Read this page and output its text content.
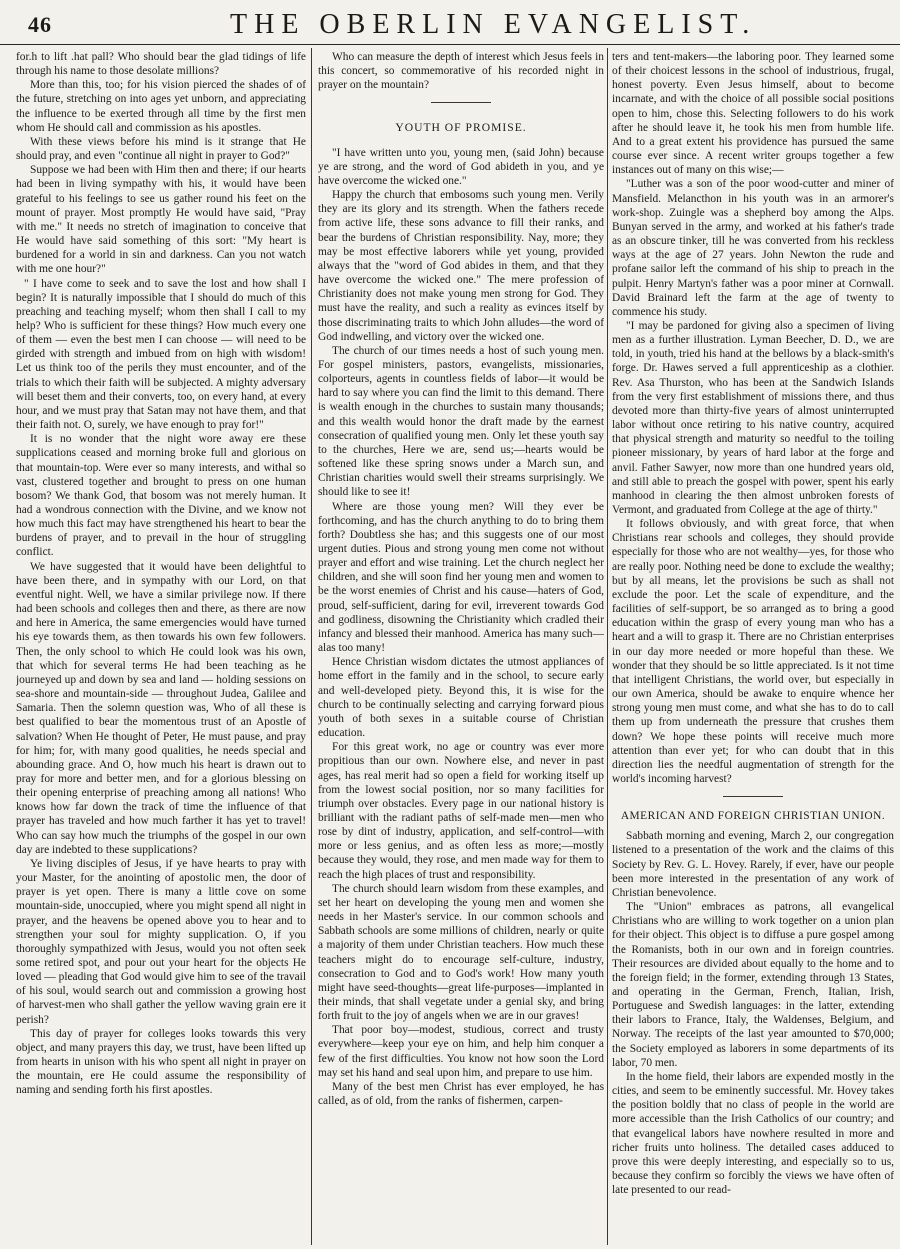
46	THE OBERLIN EVANGELIST.

for.h to lift .hat pall? Who should bear the glad tidings of life through his name to those desolate millions?

More than this, too; for his vision pierced the shades of of the future, stretching on into ages yet unborn, and appreciating the influence to be exerted through all time by the first men whom He should call and commission as his apostles.

With these views before his mind is it strange that He should pray, and even "continue all night in prayer to God?"

Suppose we had been with Him then and there; if our hearts had been in living sympathy with his, it would have been grateful to his feelings to see us gather round his feet on the mount of prayer. Most promptly He would have said, "Pray with me." It needs no stretch of imagination to conceive that He would have said something of this sort: "My heart is burdened for a world in sin and darkness. Can you not watch with me one hour?"

" I have come to seek and to save the lost and how shall I begin? It is naturally impossible that I should do much of this preaching and teaching myself; whom then shall I call to my help? Who is sufficient for these things? How much every one of them — even the best men I can choose — will need to be girded with strength and imbued from on high with wisdom! Let us think too of the perils they must encounter, and of the trials to which their faith will be subjected. A mighty adversary will beset them and their converts, too, on every hand, at every hour, and we must pray that Satan may not have them, and that their faith not. O, surely, we have enough to pray for!"

It is no wonder that the night wore away ere these supplications ceased and morning broke full and glorious on that mountain-top. Were ever so many interests, and withal so vast, clustered together and brought to press on one human bosom? We thank God, that bosom was not merely human. It had a wondrous connection with the Divine, and we know not how much this fact may have strengthened his heart to bear the burdens of prayer, and to prevail in the hour of struggling conflict.

We have suggested that it would have been delightful to have been there, and in sympathy with our Lord, on that eventful night. Well, we have a similar privilege now. If there had been schools and colleges then and there, as there are now and here in America, the same emergencies would have turned his eye towards them, as then towards his own few followers. Then, the only school to which He could look was his own, that which for several terms He had been teaching as he journeyed up and down by sea and land — holding sessions on sea-shore and mountain-side — throughout Judea, Galilee and Samaria. Then the solemn question was, Who of all these is best qualified to bear the momentous trust of an Apostle of salvation? When He thought of Peter, He must pause, and pray for him; for, with many good qualities, he needs special and abounding grace. And O, how much his heart is drawn out to pray for more and better men, and for a glorious blessing on their opening enterprise of preaching among all nations! Who knows how far down the track of time the influence of that prayer has traveled and how much farther it has yet to travel! Who can say how much the triumphs of the gospel in our own day are indebted to these supplications?

Ye living disciples of Jesus, if ye have hearts to pray with your Master, for the anointing of apostolic men, the door of prayer is yet open. There is many a little cove on some mountain-side, unoccupied, where you might spend all night in prayer, and the heavens be opened above you to hear and to strengthen your soul for mighty supplication. O, if you thoroughly sympathized with Jesus, would you not often seek some retired spot, and pour out your heart for the objects He loved — pleading that God would give him to see of the travail of his soul, would search out and commission a growing host of harvest-men who shall gather the yellow waving grain ere it perish?

This day of prayer for colleges looks towards this very object, and many prayers this day, we trust, have been lifted up from hearts in unison with his who spent all night in prayer on the mountain, ere He could assume the responsibility of naming and sending forth his first apostles.

Who can measure the depth of interest which Jesus feels in this concert, so commemorative of his recorded night in prayer on the mountain?

YOUTH OF PROMISE.

"I have written unto you, young men, (said John) because ye are strong, and the word of God abideth in you, and ye have overcome the wicked one."

Happy the church that embosoms such young men. Verily they are its glory and its strength. When the fathers recede from active life, these sons advance to fill their ranks, and bear the burdens of Christian responsibility. Nay, more; they may be most effective laborers while yet young, provided always that the "word of God abides in them, and that they have overcome the wicked one." The mere profession of Christianity does not make young men strong for God. They must have the reality, and such a reality as evinces itself by those discriminating traits to which John alludes—the word of God indwelling, and victory over the wicked one.

The church of our times needs a host of such young men. For gospel ministers, pastors, evangelists, missionaries, colporteurs, agents in countless fields of labor—it would be hard to say where you can find the limit to this demand. There is wealth enough in the churches to sustain many thousands; and this wealth would honor the draft made by the earnest consecration of qualified young men. Only let these youth say to the churches, Here we are, send us;—hearts would be softened like these spring snows under a March sun, and Christian charities would swell their streams surprisingly. We should like to see it!

Where are those young men? Will they ever be forthcoming, and has the church anything to do to bring them forth? Doubtless she has; and this suggests one of our most urgent duties. Pious and strong young men come not without prayer and effort and wise training. Let the church neglect her children, and she will soon find her young men and women to be the worst enemies of Christ and his cause—haters of God, proud, self-sufficient, daring for evil, irreverent towards God and godliness, disowning the Christianity which cradled their infancy and blessed their manhood. America has many such—alas too many!

Hence Christian wisdom dictates the utmost appliances of home effort in the family and in the school, to secure early and well-developed piety. Beyond this, it is wise for the church to be continually selecting and carrying forward pious youth of both sexes in a suitable course of Christian education.

For this great work, no age or country was ever more propitious than our own. Nowhere else, and never in past ages, has real merit had so open a field for working itself up from the lowest social position, nor so many facilities for triumph over obstacles. Every page in our national history is brilliant with the radiant paths of self-made men—men who rose by dint of industry, application, and self-control—with more or less genius, and as often less as more;—mostly because they would, they rose, and men made way for them to reach the high places of trust and responsibility.

The church should learn wisdom from these examples, and set her heart on developing the young men and women she needs in her Master's service. In our common schools and Sabbath schools are some millions of children, nearly or quite a majority of them under Christian teachers. How much these teachers might do to encourage self-culture, industry, consecration to God and to God's work! How many youth might have seed-thoughts—great life-purposes—implanted in their minds, that shall vegetate under a genial sky, and bring forth fruit to the joy of angels when we are in our graves!

That poor boy—modest, studious, correct and trusty everywhere—keep your eye on him, and help him conquer a few of the first difficulties. You know not how soon the Lord may set his hand and seal upon him, and prepare to use him.

Many of the best men Christ has ever employed, he has called, as of old, from the ranks of fishermen, carpen-

ters and tent-makers—the laboring poor. They learned some of their choicest lessons in the school of industrious, frugal, honest poverty. Even Jesus himself, about to become incarnate, and with the choice of all possible social positions open to him, chose this. Selecting followers to do his work after he should leave it, he took his men from humble life. And to a great extent his providence has pursued the same course ever since. A recent writer groups together a few instances out of many on this wise;—

"Luther was a son of the poor wood-cutter and miner of Mansfield. Melancthon in his youth was in an armorer's work-shop. Zuingle was a shepherd boy among the Alps. Bunyan served in the army, and worked at his father's trade as an obscure tinker, till he was converted from his reckless ways at the age of 27 years. John Newton the rude and profane sailor left the command of his ship to preach in the pulpit. Henry Martyn's father was a poor miner at Cornwall. David Brainard left the farm at the age of twenty to commence his study.

"I may be pardoned for giving also a specimen of living men as a further illustration. Lyman Beecher, D. D., we are told, in youth, tried his hand at the bellows by a black-smith's forge. Dr. Hawes served a full apprenticeship as a clothier. Rev. Asa Thurston, who has been at the Sandwich Islands from the very first establishment of missions there, and thus devoted more than thirty-five years of almost uninterrupted labor without once retiring to his native country, acquired that physical strength and maturity so needful to the toiling pioneer missionary, by years of hard labor at the forge and anvil. Father Sawyer, now more than one hundred years old, and still able to preach the gospel with power, spent his early manhood in clearing the then almost unbroken forests of Vermont, and graduated from College at the age of thirty."

It follows obviously, and with great force, that when Christians rear schools and colleges, they should provide especially for those who are not wealthy—yes, for those who are really poor. Nothing need be done to exclude the wealthy; but by all means, let the provisions be such as shall not exclude the poor. Let the scale of expenditure, and the facilities of self-support, be so arranged as to bring a good education within the grasp of every young man who has a heart and a will to grasp it. There are no Christian enterprises in our day more needed or more hopeful than these. We wonder that they should be so little appreciated. Is it not time that intelligent Christians, the world over, but especially in our own America, should be awake to enquire whence her strong young men must come, and what she has to do to call them up from underneath the pressure that crushes them down? We hope these points will receive much more attention than ever yet; for who can doubt that in this direction lies the needful augmentation of strength for the world's incoming harvest?

AMERICAN AND FOREIGN CHRISTIAN UNION.

Sabbath morning and evening, March 2, our congregation listened to a presentation of the work and the claims of this Society by Rev. G. L. Hovey. Rarely, if ever, have our people been more interested in the presentation of any work of Christian benevolence.

The "Union" embraces as patrons, all evangelical Christians who are willing to work together on a union plan for their object. This object is to diffuse a pure gospel among the Romanists, both in our own and in foreign countries. Their resources are divided about equally to the home and to the foreign field; in the former, extending through 13 States, and operating in the German, French, Italian, Irish, Portuguese and Swedish languages: in the latter, extending their labors to France, Italy, the Waldenses, Belgium, and Norway. The receipts of the last year amounted to $70,000; the Society employed as laborers in some departments of its labor, 70 men.

In the home field, their labors are expended mostly in the cities, and seem to be eminently successful. Mr. Hovey takes the position boldly that no class of people in the world are more accessible than the Irish Catholics of our country; and that evangelical labors have nowhere resulted in more and richer fruits unto holiness. The detailed cases adduced to prove this were deeply interesting, and especially so to us, because they confirm so forcibly the views we have often of late presented to our read-
